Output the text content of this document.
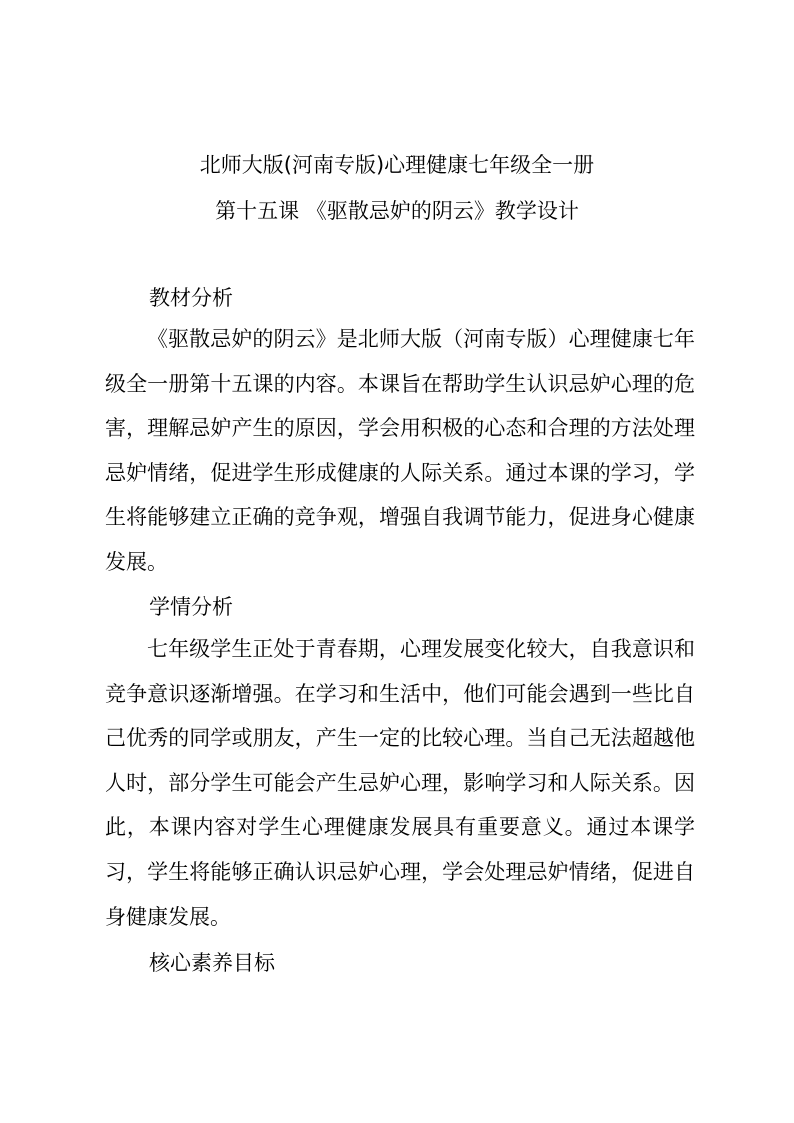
北师大版(河南专版)心理健康七年级全一册
第十五课 《驱散忌妒的阴云》教学设计
教材分析
《驱散忌妒的阴云》是北师大版（河南专版）心理健康七年级全一册第十五课的内容。本课旨在帮助学生认识忌妒心理的危害，理解忌妒产生的原因，学会用积极的心态和合理的方法处理忌妒情绪，促进学生形成健康的人际关系。通过本课的学习，学生将能够建立正确的竞争观，增强自我调节能力，促进身心健康发展。
学情分析
七年级学生正处于青春期，心理发展变化较大，自我意识和竞争意识逐渐增强。在学习和生活中，他们可能会遇到一些比自己优秀的同学或朋友，产生一定的比较心理。当自己无法超越他人时，部分学生可能会产生忌妒心理，影响学习和人际关系。因此，本课内容对学生心理健康发展具有重要意义。通过本课学习，学生将能够正确认识忌妒心理，学会处理忌妒情绪，促进自身健康发展。
核心素养目标
